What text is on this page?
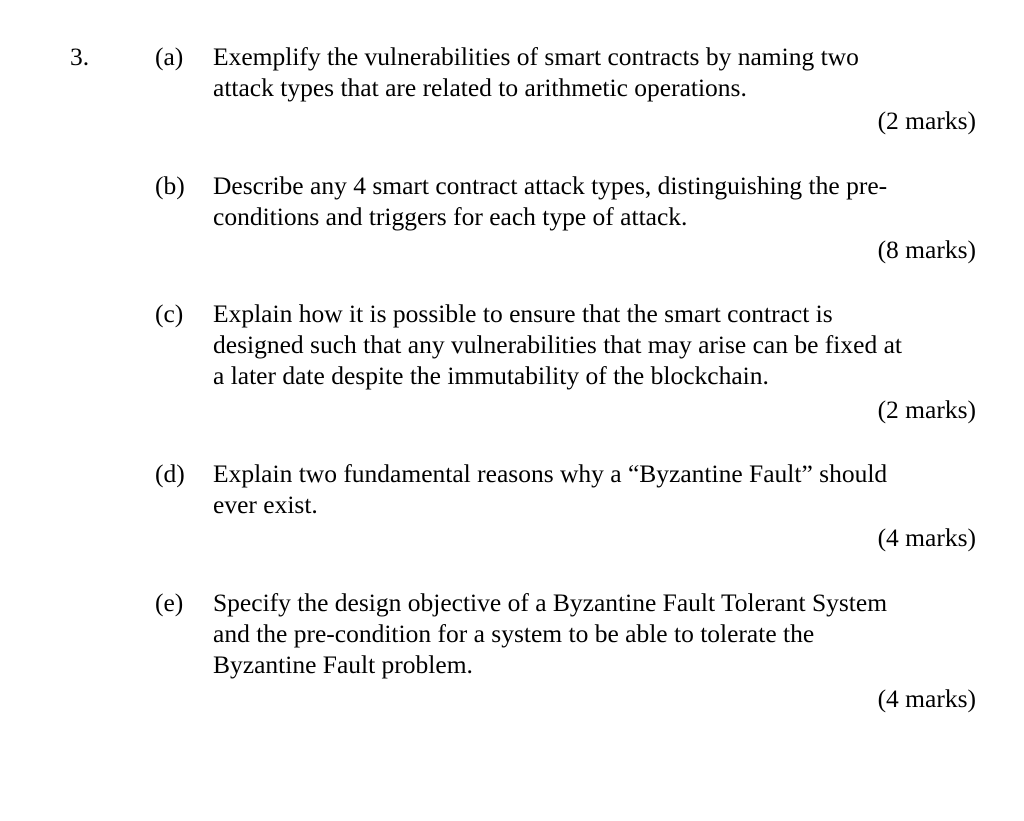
3.	(a) Exemplify the vulnerabilities of smart contracts by naming two
attack types that are related to arithmetic operations.
(2 marks)
(b) Describe any 4 smart contract attack types, distinguishing the pre-
conditions and triggers for each type of attack.
(8 marks)
(c) Explain how it is possible to ensure that the smart contract is
designed such that any vulnerabilities that may arise can be fixed at
a later date despite the immutability of the blockchain.
(2 marks)
(d) Explain two fundamental reasons why a “Byzantine Fault” should
ever exist.
(4 marks)
(e) Specify the design objective of a Byzantine Fault Tolerant System
and the pre-condition for a system to be able to tolerate the
Byzantine Fault problem.
(4 marks)
